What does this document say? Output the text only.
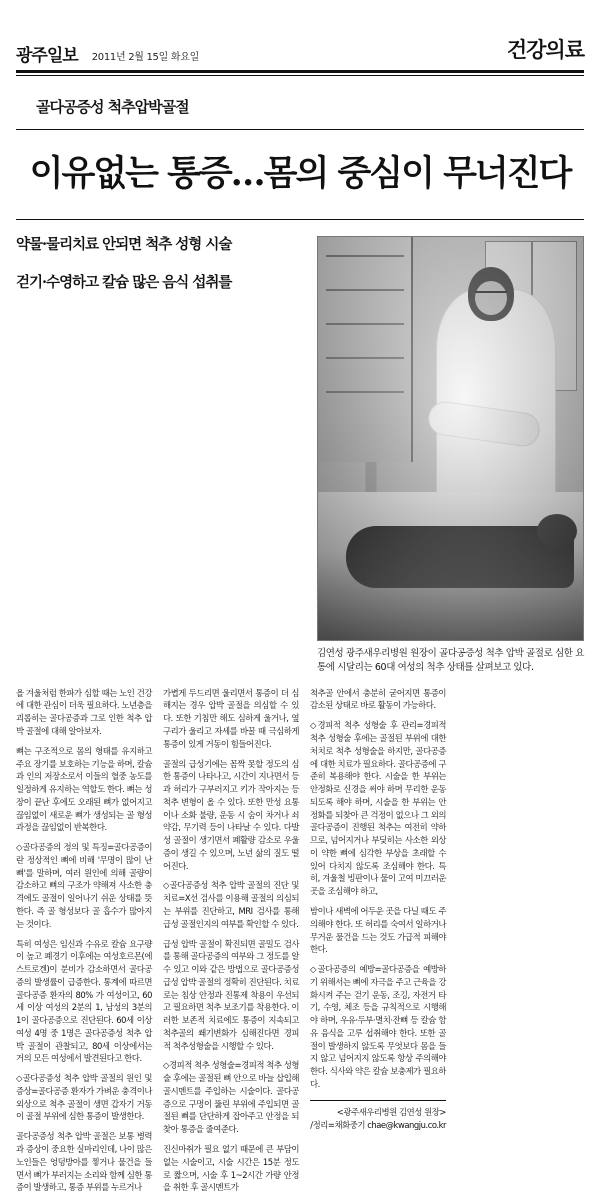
광주일보 2011년 2월 15일 화요일	건강의료
골다공증성 척추압박골절
이유없는 통증…몸의 중심이 무너진다
약물·물리치료 안되면 척추 성형 시술
걷기·수영하고 칼슘 많은 음식 섭취를
김연성 광주새우리병원 원장이 골다공증성 척추 압박 골절로 심한 요통에 시달리는 60대 여성의 척추 상태를 살펴보고 있다.

올 겨울처럼 한파가 심할 때는 노인 건강에 대한 관심이 더욱 필요하다. 노년층을 괴롭히는 골다공증과 그로 인한 척추 압박 골절에 대해 알아보자.

뼈는 구조적으로 몸의 형태를 유지하고 주요 장기를 보호하는 기능을 하며, 칼슘과 인의 저장소로서 이들의 혈중 농도를 일정하게 유지하는 역할도 한다. 뼈는 성장이 끝난 후에도 오래된 뼈가 없어지고 끊임없이 새로운 뼈가 생성되는 골 형성 과정을 끊임없이 반복한다.

◇골다공증의 정의 및 특징=골다공증이란 정상적인 뼈에 비해 '무명이 많이 난 뼈'를 말하며, 여러 원인에 의해 골량이 감소하고 뼈의 구조가 약해져 사소한 충격에도 골절이 일어나기 쉬운 상태를 뜻한다. 즉 골 형성보다 골 흡수가 많아지는 것이다.

특히 여성은 임신과 수유로 칼슘 요구량이 높고 폐경기 이후에는 여성호르몬(에스트로겐)이 분비가 감소하면서 골다공증의 발생률이 급증한다. 통계에 따르면 골다공증 환자의 80% 가 여성이고, 60세 이상 여성의 2분의 1, 남성의 3분의 1이 골다공증으로 진단된다. 60세 이상 여성 4명 중 1명은 골다공증성 척추 압박 골절이 관찰되고, 80세 이상에서는 거의 모든 여성에서 발견된다고 한다.

◇골다공증성 척추 압박 골절의 원인 및 증상=골다공증 환자가 가벼운 충격이나 외상으로 척추 골절이 생면 갑자기 거동이 골절 부위에 심한 통증이 발생한다.

골다공증성 척추 압박 골절은 보통 병력과 증상이 중요한 실마리인데, 나이 많은 노인들은 엉덩방아를 찧거나 물건을 들면서 뼈가 부러지는 소리와 함께 심한 통증이 발생하고, 통증 부위를 누르거나

가볍게 두드리면 울리면서 통증이 더 심해지는 경우 압박 골절을 의심할 수 있다. 또한 기침만 해도 심하게 울거나, 옆구리가 울리고 자세를 바꿀 때 극심하게 통증이 있게 거동이 힘들어진다.

골절의 급성기에는 꼼짝 못할 정도의 심한 통증이 나타나고, 시간이 지나면서 등과 허리가 구부러지고 키가 작아지는 등 척추 변형이 올 수 있다. 또한 만성 요통이나 소화 불량, 운동 시 숨이 차거나 쇠약감, 무기력 등이 나타날 수 있다. 다발성 골절이 생기면서 폐활량 감소로 우울증이 생길 수 있으며, 노년 삶의 질도 떨어진다.

◇골다공증성 척추 압박 골절의 진단 및 치료=X선 검사를 이용해 골절의 의심되는 부위를 진단하고, MRI 검사를 통해 급성 골절인지의 여부를 확인할 수 있다.

급성 압박 골절이 확진되면 골밀도 검사를 통해 골다공증의 여부와 그 정도를 알 수 있고 이와 같은 방법으로 골다공증성 급성 압박 골절의 정확히 진단된다. 치료로는 침상 안정과 진통제 착용이 우선되고 필요하면 척추 보조기를 착용한다. 이러한 보존적 치료에도 통증이 지속되고 척추골의 쐐기변화가 심해진다면 경피적 척추성형술을 시행할 수 있다.

◇경피적 척추 성형술=경피적 척추 성형술 후에는 골절된 뼈 안으로 바늘 삽입해 골시멘트를 주입하는 시술이다. 골다공증으로 구멍이 뚫린 부위에 주입되면 골절된 뼈를 단단하게 잡아주고 안정을 되찾아 통증을 줄여준다.

진신마취가 필요 없기 때문에 큰 부담이 없는 시술이고, 시술 시간은 15분 정도로 짧으며, 시술 후 1~2시간 가량 안정을 취한 후 골시멘트가

척추골 안에서 충분히 굳어지면 통증이 감소된 상태로 바로 활동이 가능하다.

◇경피적 척추 성형술 후 관리=경피적 척추 성형술 후에는 골절된 부위에 대한 처치로 척추 성형술을 하지만, 골다공증에 대한 치료가 필요하다. 골다공증에 구준히 복용해야 한다. 시술을 한 부위는 안정화로 신경을 써야 하며 무리한 운동되도록 해야 하며, 시술을 한 부위는 안정화를 되찾아 큰 걱정이 없으나 그 외의 골다공증이 진행된 척추는 여전히 약하므로, 넘어지거나 부딪히는 사소한 외상이 약한 뼈에 심각한 부상을 초래할 수 있어 다치지 않도록 조심해야 한다. 특히, 겨울철 빙판이나 물이 고여 미끄러운 곳을 조심해야 하고,

밤이나 새벽에 어두운 곳을 다닐 때도 주의해야 한다. 또 허리를 숙여서 일하거나 무거운 물건을 드는 것도 가급적 피해야 한다.

◇골다공증의 예방=골다공증을 예방하기 위해서는 뼈에 자극을 주고 근육을 강화시켜 주는 걷기 운동, 조깅, 자전거 타기, 수영, 체조 등을 규칙적으로 시행해야 하며, 우유·두부·멸치·잔뼈 등 칼슘 함유 음식을 고루 섭취해야 한다. 또한 골절이 발생하지 않도록 무엇보다 몸을 들지 않고 넘어지지 않도록 항상 주의해야 한다. 식사와 약은 칼슘 보충제가 필요하다.

<광주새우리병원 김연성 원장>
/정리=채화중기 chae@kwangju.co.kr
